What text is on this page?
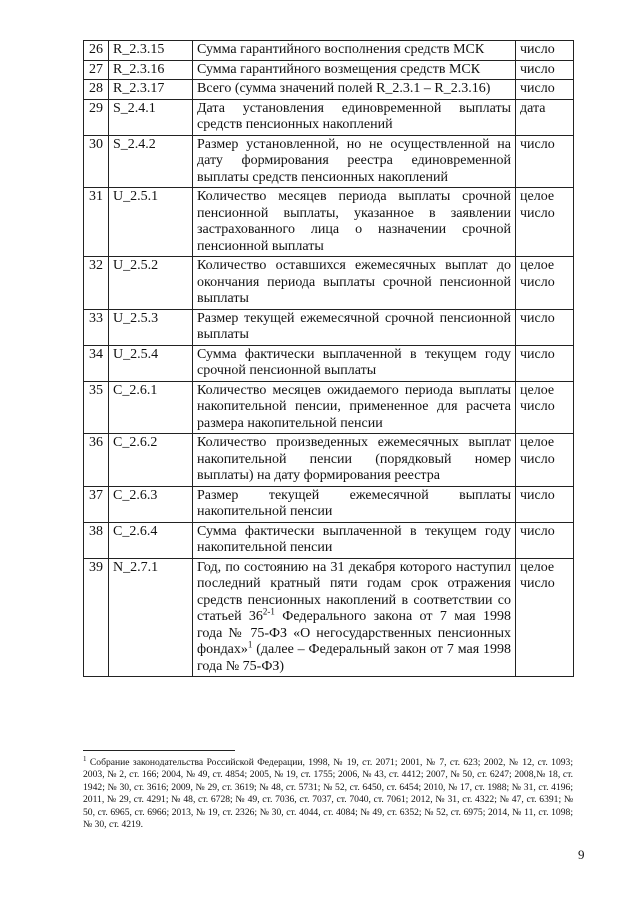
26	R_2.3.15	Сумма гарантийного восполнения средств МСК	число
27	R_2.3.16	Сумма гарантийного возмещения средств МСК	число
28	R_2.3.17	Всего (сумма значений полей R_2.3.1 – R_2.3.16)	число
29	S_2.4.1	Дата установления единовременной выплаты средств пенсионных накоплений	дата
30	S_2.4.2	Размер установленной, но не осуществленной на дату формирования реестра единовременной выплаты средств пенсионных накоплений	число
31	U_2.5.1	Количество месяцев периода выплаты срочной пенсионной выплаты, указанное в заявлении застрахованного лица о назначении срочной пенсионной выплаты	целое число
32	U_2.5.2	Количество оставшихся ежемесячных выплат до окончания периода выплаты срочной пенсионной выплаты	целое число
33	U_2.5.3	Размер текущей ежемесячной срочной пенсионной выплаты	число
34	U_2.5.4	Сумма фактически выплаченной в текущем году срочной пенсионной выплаты	число
35	C_2.6.1	Количество месяцев ожидаемого периода выплаты накопительной пенсии, примененное для расчета размера накопительной пенсии	целое число
36	C_2.6.2	Количество произведенных ежемесячных выплат накопительной пенсии (порядковый номер выплаты) на дату формирования реестра	целое число
37	C_2.6.3	Размер текущей ежемесячной выплаты накопительной пенсии	число
38	C_2.6.4	Сумма фактически выплаченной в текущем году накопительной пенсии	число
39	N_2.7.1	Год, по состоянию на 31 декабря которого наступил последний кратный пяти годам срок отражения средств пенсионных накоплений в соответствии со статьей 36$^{2-1}$ Федерального закона от 7 мая 1998 года № 75-ФЗ «О негосударственных пенсионных фондах»$^1$ (далее – Федеральный закон от 7 мая 1998 года № 75-ФЗ)	целое число
$^1$ Собрание законодательства Российской Федерации, 1998, № 19, ст. 2071; 2001, № 7, ст. 623; 2002, № 12, ст. 1093; 2003, № 2, ст. 166; 2004, № 49, ст. 4854; 2005, № 19, ст. 1755; 2006, № 43, ст. 4412; 2007, № 50, ст. 6247; 2008,№ 18, ст. 1942; № 30, ст. 3616; 2009, № 29, ст. 3619; № 48, ст. 5731; № 52, ст. 6450, ст. 6454; 2010, № 17, ст. 1988; № 31, ст. 4196; 2011, № 29, ст. 4291; № 48, ст. 6728; № 49, ст. 7036, ст. 7037, ст. 7040, ст. 7061; 2012, № 31, ст. 4322; № 47, ст. 6391; № 50, ст. 6965, ст. 6966; 2013, № 19, ст. 2326; № 30, ст. 4044, ст. 4084; № 49, ст. 6352; № 52, ст. 6975; 2014, № 11, ст. 1098; № 30, ст. 4219.
9
